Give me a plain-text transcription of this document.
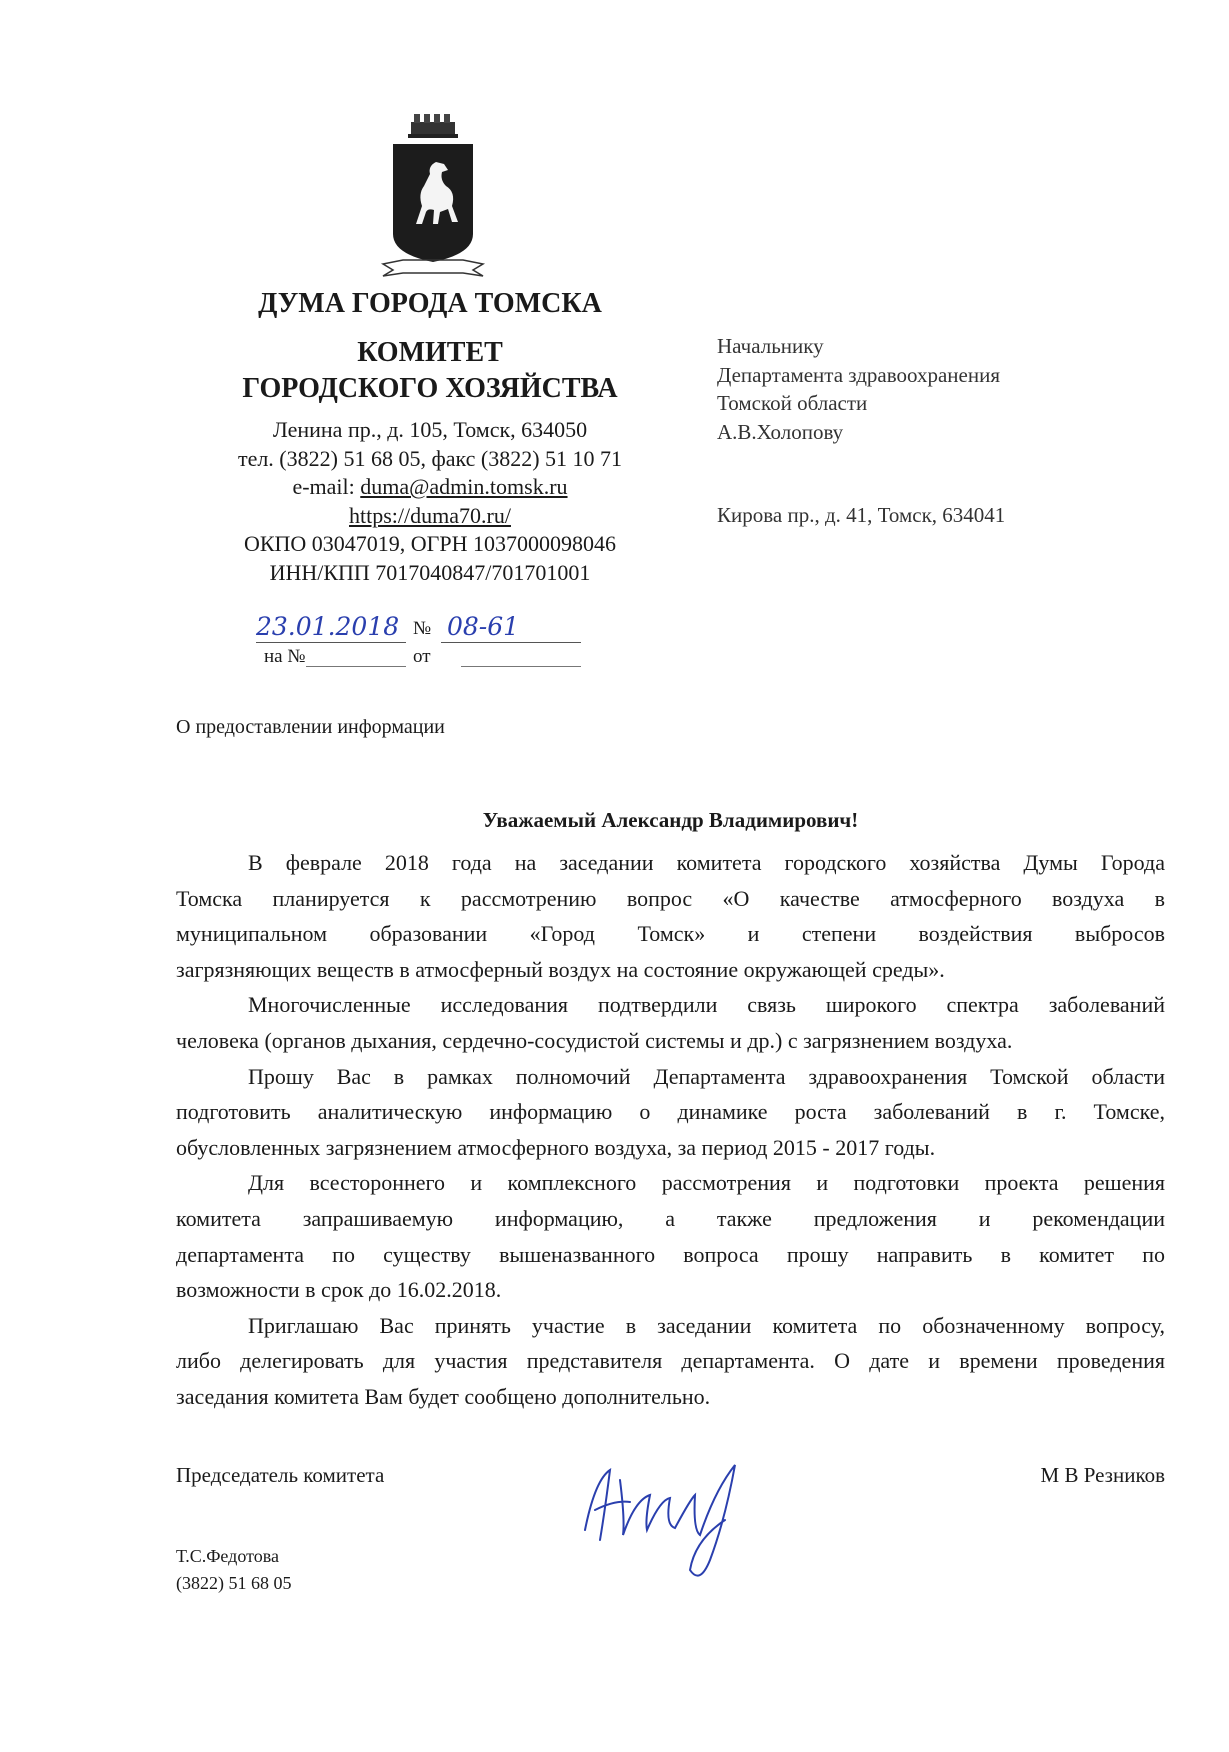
ДУМА ГОРОДА ТОМСКА
КОМИТЕТ
ГОРОДСКОГО ХОЗЯЙСТВА
Ленина пр., д. 105, Томск, 634050
тел. (3822) 51 68 05, факс (3822) 51 10 71
e-mail: duma@admin.tomsk.ru
https://duma70.ru/
ОКПО 03047019, ОГРН 1037000098046
ИНН/КПП 7017040847/701701001
Начальнику
Департамента здравоохранения
Томской области
А.В.Холопову
Кирова пр., д. 41, Томск, 634041
23.01.2018 № 08-61
на №	от
О предоставлении информации
Уважаемый Александр Владимирович!
В феврале 2018 года на заседании комитета городского хозяйства Думы Города
Томска планируется к рассмотрению вопрос «О качестве атмосферного воздуха в
муниципальном образовании «Город Томск» и степени воздействия выбросов
загрязняющих веществ в атмосферный воздух на состояние окружающей среды».
Многочисленные исследования подтвердили связь широкого спектра заболеваний
человека (органов дыхания, сердечно-сосудистой системы и др.) с загрязнением воздуха.
Прошу Вас в рамках полномочий Департамента здравоохранения Томской области
подготовить аналитическую информацию о динамике роста заболеваний в г. Томске,
обусловленных загрязнением атмосферного воздуха, за период 2015 - 2017 годы.
Для всестороннего и комплексного рассмотрения и подготовки проекта решения
комитета запрашиваемую информацию, а также предложения и рекомендации
департамента по существу вышеназванного вопроса прошу направить в комитет по
возможности в срок до 16.02.2018.
Приглашаю Вас принять участие в заседании комитета по обозначенному вопросу,
либо делегировать для участия представителя департамента. О дате и времени проведения
заседания комитета Вам будет сообщено дополнительно.
Председатель комитета	М В Резников
Т.С.Федотова
(3822) 51 68 05
